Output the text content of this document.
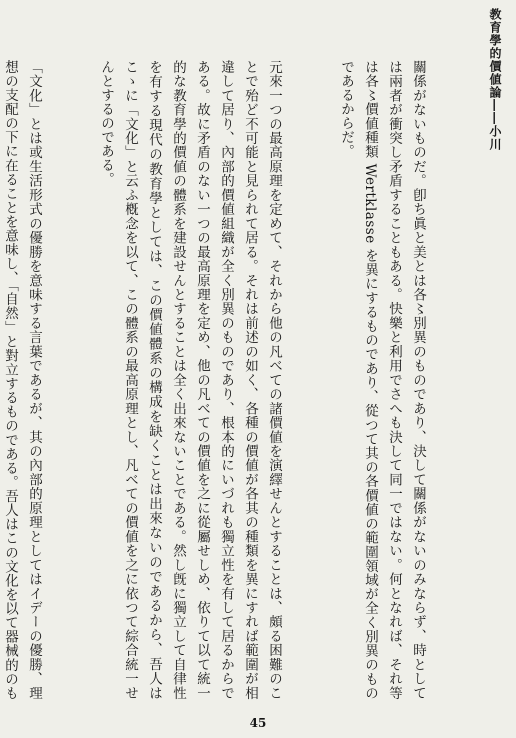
教育學的價値論――小川

關係がないものだ。卽ち眞と美とは各〻別異のものであり、決して關係がないのみならず、時としては兩者が衝突し矛盾することもある。快樂と利用でさへも決して同一ではない。何となれば、それ等は各〻價値種類 Wertklasse を異にするものであり、從つて其の各價値の範圍領域が全く別異のものであるからだ。

元來一つの最高原理を定めて、それから他の凡べての諸價値を演繹せんとすることは、頗る困難のことで殆ど不可能と見られて居る。それは前述の如く、各種の價値が各其の種類を異にすれば範圍が相違して居り、內部的價値組織が全く別異のものであり、根本的にいづれも獨立性を有して居るからである。故に矛盾のない一つの最高原理を定め、他の凡べての價値を之に從屬せしめ、依りて以て統一的な教育學的價値の體系を建設せんとすることは全く出來ないことである。然し旣に獨立して自律性を有する現代の教育學としては、この價値體系の構成を缺くことは出來ないのであるから、吾人はこゝに「文化」と云ふ槪念を以て、この體系の最高原理とし、凡べての價値を之に依つて綜合統一せんとするのである。

「文化」とは或生活形式の優勝を意味する言葉であるが、其の內部的原理としてはイデーの優勝、理想の支配の下に在ることを意味し、「自然」と對立するものである。吾人はこの文化を以て器械的のも

45
